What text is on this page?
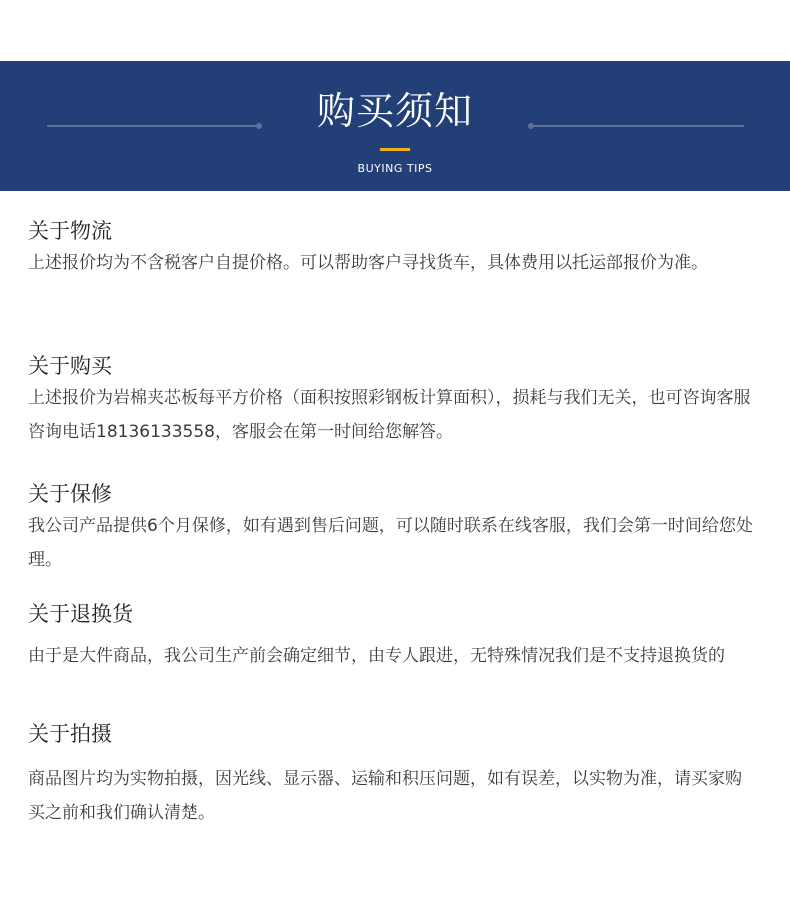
购买须知
BUYING TIPS
关于物流
上述报价均为不含税客户自提价格。可以帮助客户寻找货车，具体费用以托运部报价为准。
关于购买
上述报价为岩棉夹芯板每平方价格（面积按照彩钢板计算面积），损耗与我们无关，也可咨询客服咨询电话18136133558，客服会在第一时间给您解答。
关于保修
我公司产品提供6个月保修，如有遇到售后问题，可以随时联系在线客服，我们会第一时间给您处理。
关于退换货
由于是大件商品，我公司生产前会确定细节，由专人跟进，无特殊情况我们是不支持退换货的
关于拍摄
商品图片均为实物拍摄，因光线、显示器、运输和积压问题，如有误差，以实物为准，请买家购买之前和我们确认清楚。
